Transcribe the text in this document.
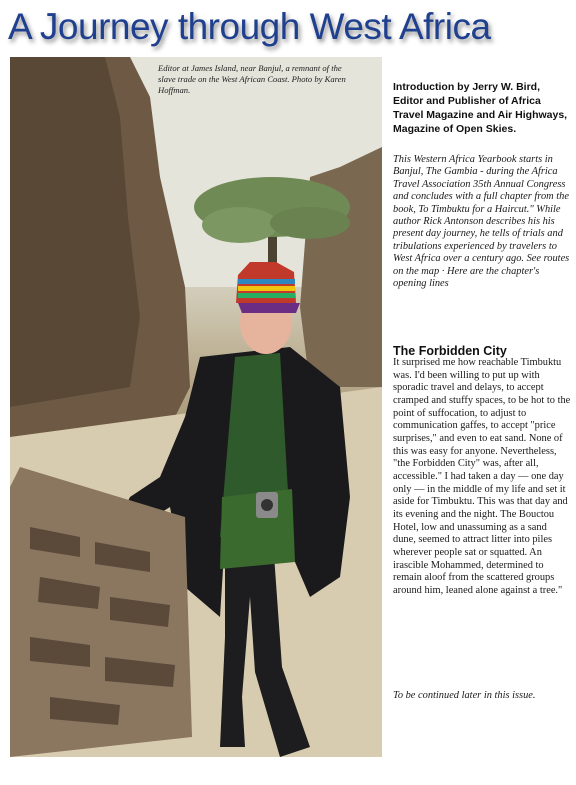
A Journey through West Africa
Editor at James Island, near Banjul, a remnant of the slave trade on the West African Coast. Photo by Karen Hoffman.	Introduction by Jerry W. Bird, Editor and Publisher of Africa Travel Magazine and Air Highways, Magazine of Open Skies.
This Western Africa Yearbook starts in Banjul, The Gambia - during the Africa Travel Association 35th Annual Congress and concludes with a full chapter from the book, To Timbuktu for a Haircut." While author Rick Antonson describes his his present day journey, he tells of trials and tribulations experienced by travelers to West Africa over a century ago. See routes on the map · Here are the chapter's opening lines
The Forbidden City
It surprised me how reachable Timbuktu was. I'd been willing to put up with sporadic travel and delays, to accept cramped and stuffy spaces, to be hot to the point of suffocation, to adjust to communication gaffes, to accept "price surprises," and even to eat sand. None of this was easy for anyone. Nevertheless, "the Forbidden City" was, after all, accessible." I had taken a day — one day only — in the middle of my life and set it aside for Timbuktu. This was that day and its evening and the night. The Bouctou Hotel, low and unassuming as a sand dune, seemed to attract litter into piles wherever people sat or squatted. An irascible Mohammed, determined to remain aloof from the scattered groups around him, leaned alone against a tree."
To be continued later in this issue.
